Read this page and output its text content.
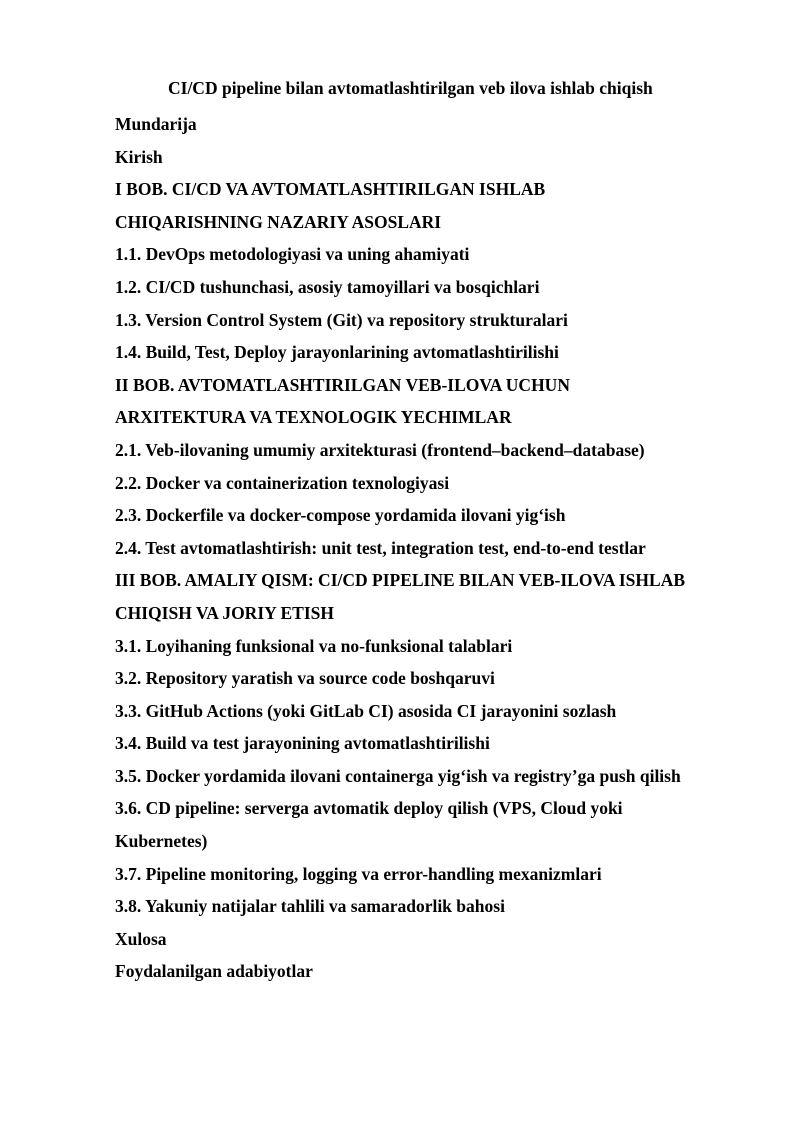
CI/CD pipeline bilan avtomatlashtirilgan veb ilova ishlab chiqish
Mundarija
Kirish
I BOB. CI/CD VA AVTOMATLASHTIRILGAN ISHLAB
CHIQARISHNING NAZARIY ASOSLARI
1.1. DevOps metodologiyasi va uning ahamiyati
1.2. CI/CD tushunchasi, asosiy tamoyillari va bosqichlari
1.3. Version Control System (Git) va repository strukturalari
1.4. Build, Test, Deploy jarayonlarining avtomatlashtirilishi
II BOB. AVTOMATLASHTIRILGAN VEB-ILOVA UCHUN
ARXITEKTURA VA TEXNOLOGIK YECHIMLAR
2.1. Veb-ilovaning umumiy arxitekturasi (frontend–backend–database)
2.2. Docker va containerization texnologiyasi
2.3. Dockerfile va docker-compose yordamida ilovani yig‘ish
2.4. Test avtomatlashtirish: unit test, integration test, end-to-end testlar
III BOB. AMALIY QISM: CI/CD PIPELINE BILAN VEB-ILOVA ISHLAB
CHIQISH VA JORIY ETISH
3.1. Loyihaning funksional va no-funksional talablari
3.2. Repository yaratish va source code boshqaruvi
3.3. GitHub Actions (yoki GitLab CI) asosida CI jarayonini sozlash
3.4. Build va test jarayonining avtomatlashtirilishi
3.5. Docker yordamida ilovani containerga yig‘ish va registry’ga push qilish
3.6. CD pipeline: serverga avtomatik deploy qilish (VPS, Cloud yoki
Kubernetes)
3.7. Pipeline monitoring, logging va error-handling mexanizmlari
3.8. Yakuniy natijalar tahlili va samaradorlik bahosi
Xulosa
Foydalanilgan adabiyotlar
